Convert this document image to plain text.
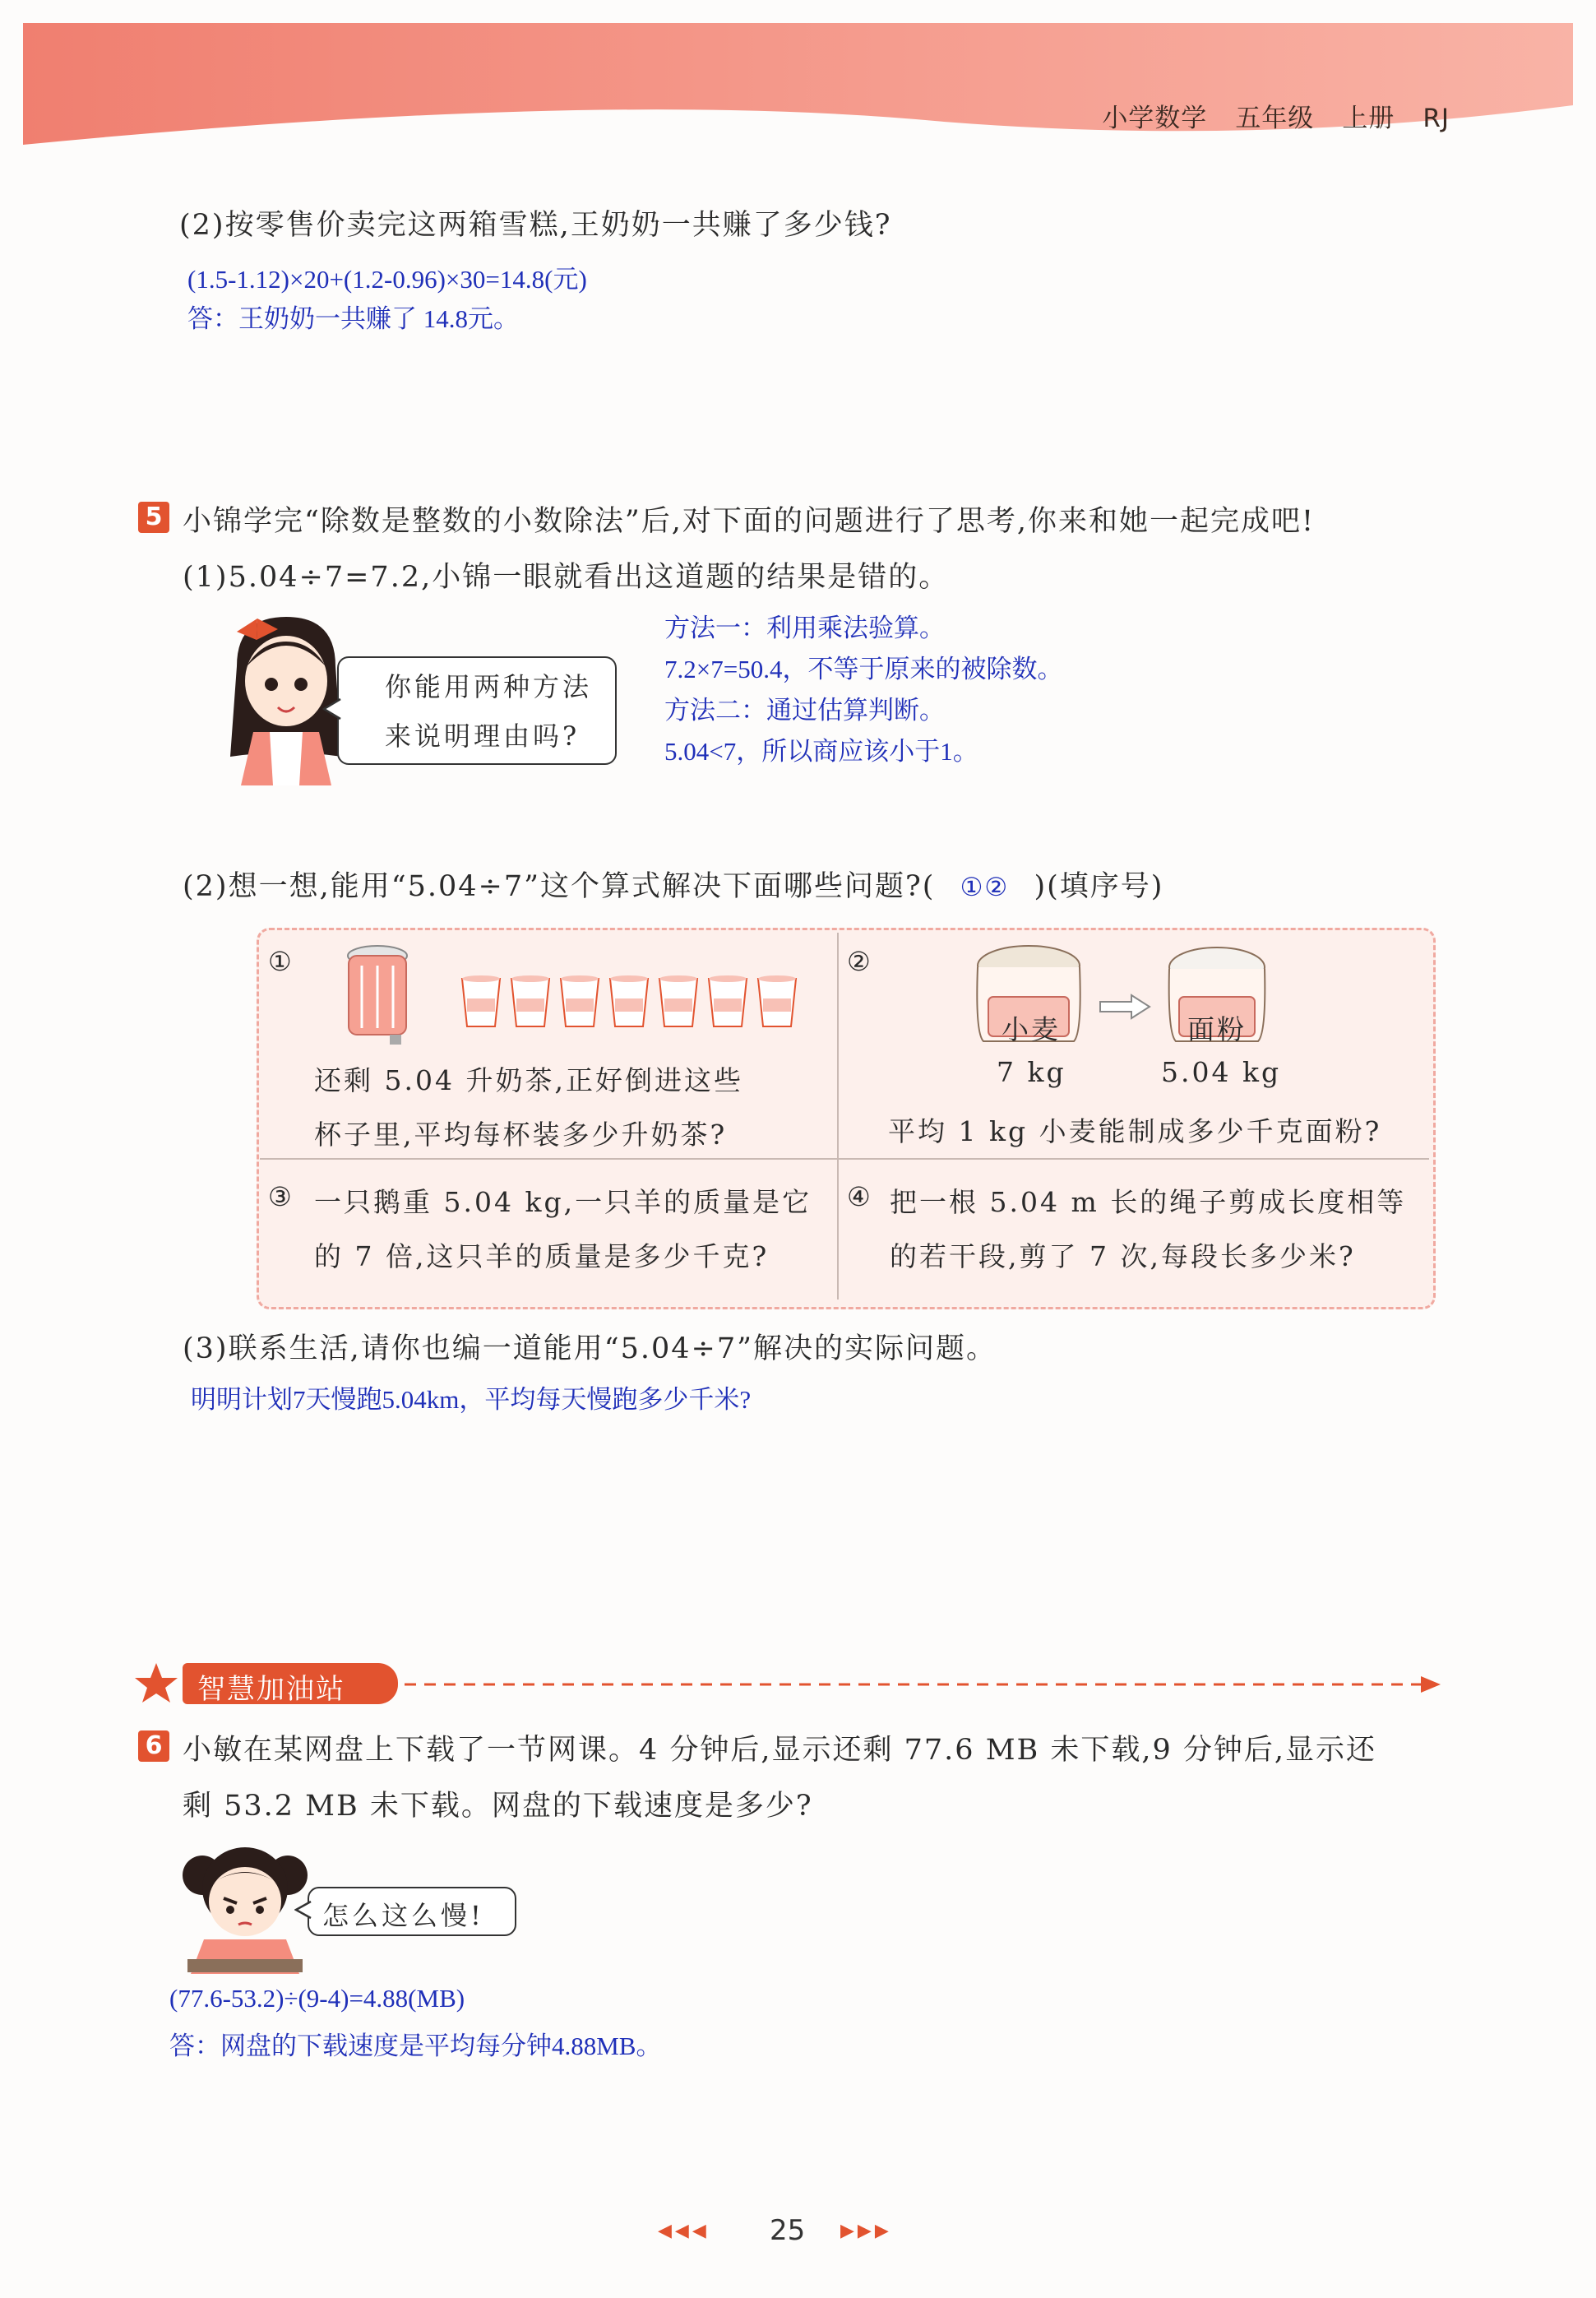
小学数学 五年级 上册 RJ
(2)按零售价卖完这两箱雪糕,王奶奶一共赚了多少钱?
(1.5-1.12)×20+(1.2-0.96)×30=14.8(元)
答：王奶奶一共赚了 14.8元。
5 小锦学完“除数是整数的小数除法”后,对下面的问题进行了思考,你来和她一起完成吧!
(1)5.04÷7=7.2,小锦一眼就看出这道题的结果是错的。
你能用两种方法
来说明理由吗?
方法一：利用乘法验算。
7.2×7=50.4，不等于原来的被除数。
方法二：通过估算判断。
5.04<7，所以商应该小于1。
(2)想一想,能用“5.04÷7”这个算式解决下面哪些问题?( ①② )(填序号)
①
还剩 5.04 升奶茶,正好倒进这些
杯子里,平均每杯装多少升奶茶?
②
小麦	面粉
7 kg	5.04 kg
平均 1 kg 小麦能制成多少千克面粉?
③ 一只鹅重 5.04 kg,一只羊的质量是它
的 7 倍,这只羊的质量是多少千克?
④ 把一根 5.04 m 长的绳子剪成长度相等
的若干段,剪了 7 次,每段长多少米?
(3)联系生活,请你也编一道能用“5.04÷7”解决的实际问题。
明明计划7天慢跑5.04km，平均每天慢跑多少千米?
智慧加油站
6 小敏在某网盘上下载了一节网课。4 分钟后,显示还剩 77.6 MB 未下载,9 分钟后,显示还
剩 53.2 MB 未下载。网盘的下载速度是多少?
怎么这么慢!
(77.6-53.2)÷(9-4)=4.88(MB)
答：网盘的下载速度是平均每分钟4.88MB。
◀◀◀ 25 ▶▶▶
